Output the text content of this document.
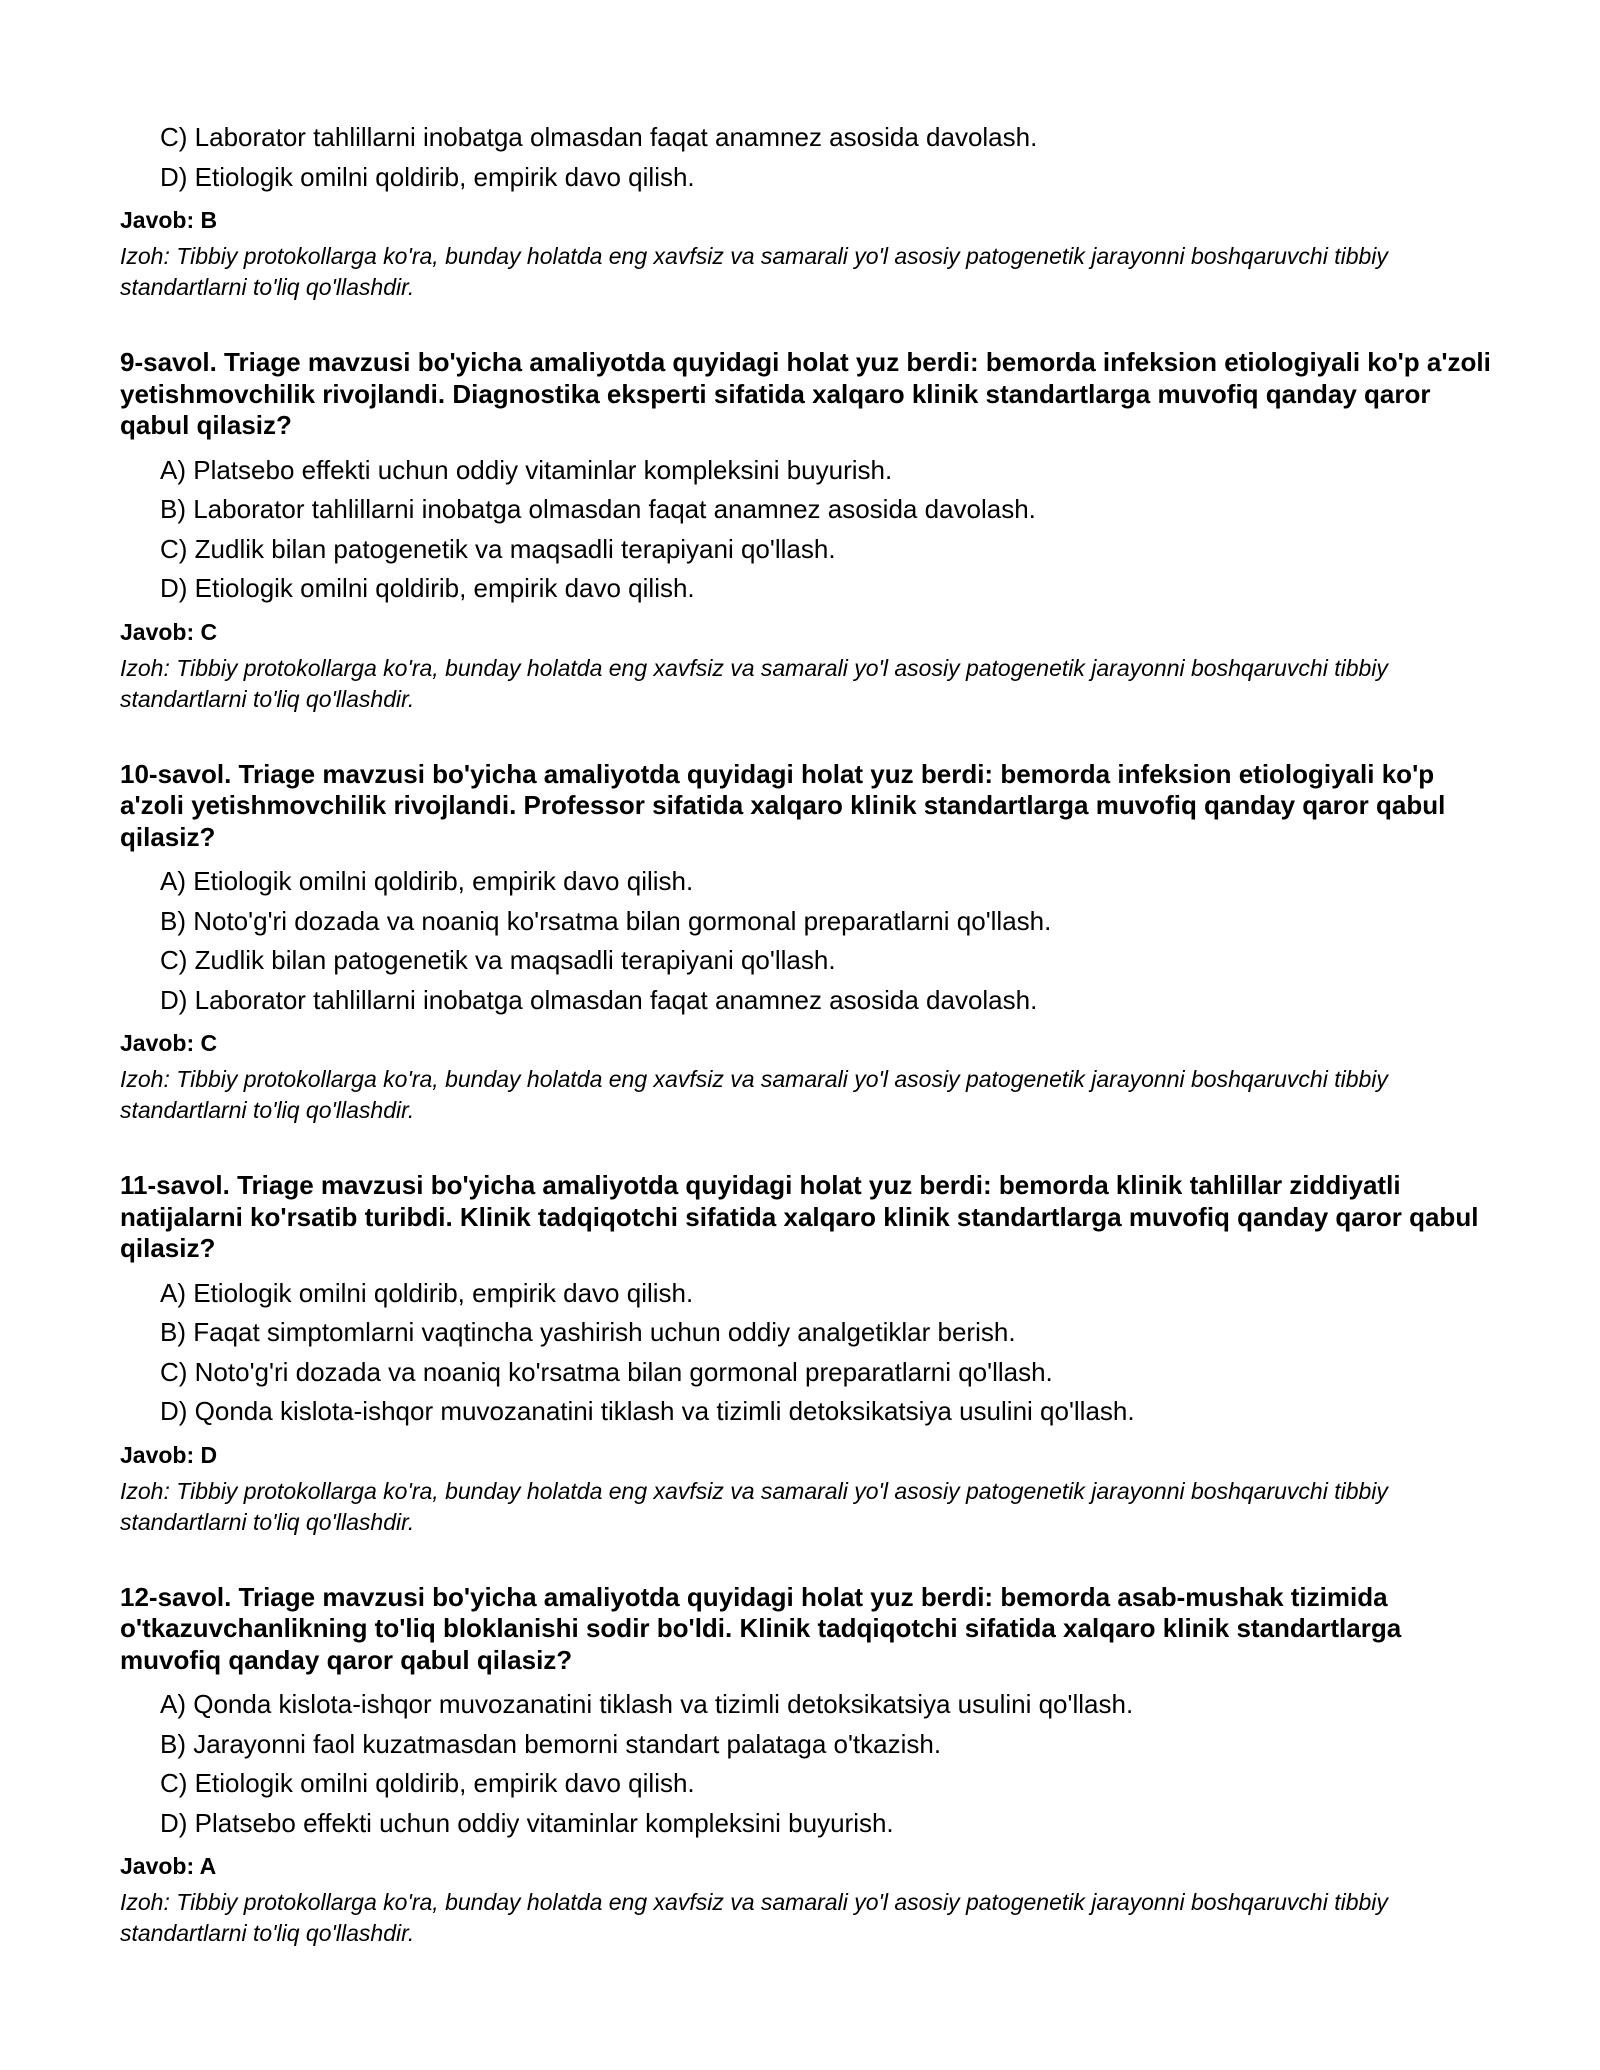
C) Laborator tahlillarni inobatga olmasdan faqat anamnez asosida davolash.
D) Etiologik omilni qoldirib, empirik davo qilish.
Javob: B
Izoh: Tibbiy protokollarga ko'ra, bunday holatda eng xavfsiz va samarali yo'l asosiy patogenetik jarayonni boshqaruvchi tibbiy standartlarni to'liq qo'llashdir.
9-savol. Triage mavzusi bo'yicha amaliyotda quyidagi holat yuz berdi: bemorda infeksion etiologiyali ko'p a'zoli yetishmovchilik rivojlandi. Diagnostika eksperti sifatida xalqaro klinik standartlarga muvofiq qanday qaror qabul qilasiz?
A) Platsebo effekti uchun oddiy vitaminlar kompleksini buyurish.
B) Laborator tahlillarni inobatga olmasdan faqat anamnez asosida davolash.
C) Zudlik bilan patogenetik va maqsadli terapiyani qo'llash.
D) Etiologik omilni qoldirib, empirik davo qilish.
Javob: C
Izoh: Tibbiy protokollarga ko'ra, bunday holatda eng xavfsiz va samarali yo'l asosiy patogenetik jarayonni boshqaruvchi tibbiy standartlarni to'liq qo'llashdir.
10-savol. Triage mavzusi bo'yicha amaliyotda quyidagi holat yuz berdi: bemorda infeksion etiologiyali ko'p a'zoli yetishmovchilik rivojlandi. Professor sifatida xalqaro klinik standartlarga muvofiq qanday qaror qabul qilasiz?
A) Etiologik omilni qoldirib, empirik davo qilish.
B) Noto'g'ri dozada va noaniq ko'rsatma bilan gormonal preparatlarni qo'llash.
C) Zudlik bilan patogenetik va maqsadli terapiyani qo'llash.
D) Laborator tahlillarni inobatga olmasdan faqat anamnez asosida davolash.
Javob: C
Izoh: Tibbiy protokollarga ko'ra, bunday holatda eng xavfsiz va samarali yo'l asosiy patogenetik jarayonni boshqaruvchi tibbiy standartlarni to'liq qo'llashdir.
11-savol. Triage mavzusi bo'yicha amaliyotda quyidagi holat yuz berdi: bemorda klinik tahlillar ziddiyatli natijalarni ko'rsatib turibdi. Klinik tadqiqotchi sifatida xalqaro klinik standartlarga muvofiq qanday qaror qabul qilasiz?
A) Etiologik omilni qoldirib, empirik davo qilish.
B) Faqat simptomlarni vaqtincha yashirish uchun oddiy analgetiklar berish.
C) Noto'g'ri dozada va noaniq ko'rsatma bilan gormonal preparatlarni qo'llash.
D) Qonda kislota-ishqor muvozanatini tiklash va tizimli detoksikatsiya usulini qo'llash.
Javob: D
Izoh: Tibbiy protokollarga ko'ra, bunday holatda eng xavfsiz va samarali yo'l asosiy patogenetik jarayonni boshqaruvchi tibbiy standartlarni to'liq qo'llashdir.
12-savol. Triage mavzusi bo'yicha amaliyotda quyidagi holat yuz berdi: bemorda asab-mushak tizimida o'tkazuvchanlikning to'liq bloklanishi sodir bo'ldi. Klinik tadqiqotchi sifatida xalqaro klinik standartlarga muvofiq qanday qaror qabul qilasiz?
A) Qonda kislota-ishqor muvozanatini tiklash va tizimli detoksikatsiya usulini qo'llash.
B) Jarayonni faol kuzatmasdan bemorni standart palataga o'tkazish.
C) Etiologik omilni qoldirib, empirik davo qilish.
D) Platsebo effekti uchun oddiy vitaminlar kompleksini buyurish.
Javob: A
Izoh: Tibbiy protokollarga ko'ra, bunday holatda eng xavfsiz va samarali yo'l asosiy patogenetik jarayonni boshqaruvchi tibbiy standartlarni to'liq qo'llashdir.
